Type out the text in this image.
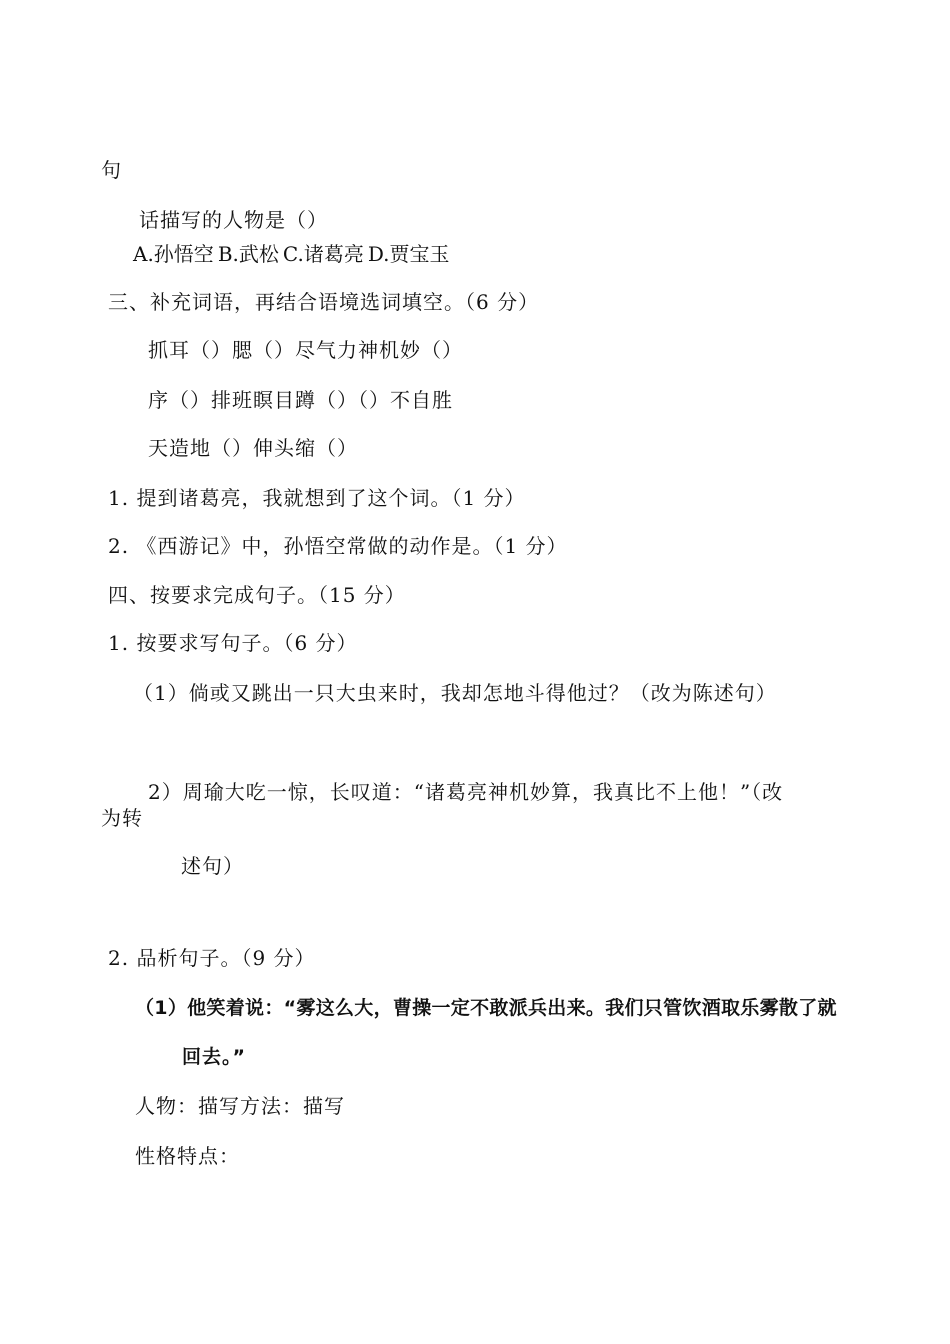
句
话描写的人物是（）
A.孙悟空 B.武松 C.诸葛亮 D.贾宝玉
三、补充词语，再结合语境选词填空。（6 分）
抓耳（）腮（）尽气力神机妙（）
序（）排班瞑目蹲（）（）不自胜
天造地（）伸头缩（）
1. 提到诸葛亮，我就想到了这个词。（1 分）
2. 《西游记》中，孙悟空常做的动作是。（1 分）
四、按要求完成句子。（15 分）
1. 按要求写句子。（6 分）
（1）倘或又跳出一只大虫来时，我却怎地斗得他过？（改为陈述句）
2）周瑜大吃一惊，长叹道：“诸葛亮神机妙算，我真比不上他！”（改
为转
述句）
2. 品析句子。（9 分）
（1）他笑着说：“雾这么大，曹操一定不敢派兵出来。我们只管饮酒取乐雾散了就
回去。”
人物：描写方法：描写
性格特点：
